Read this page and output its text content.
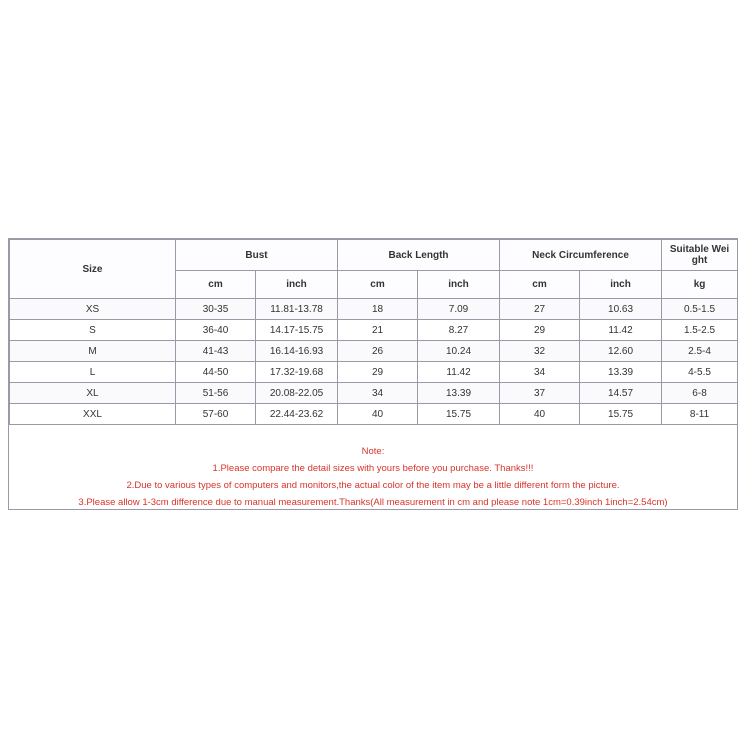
Size	Bust		Back Length		Neck Circumference		Suitable Wei ght
	cm	inch	cm	inch	cm	inch	kg
XS	30-35	11.81-13.78	18	7.09	27	10.63	0.5-1.5
S	36-40	14.17-15.75	21	8.27	29	11.42	1.5-2.5
M	41-43	16.14-16.93	26	10.24	32	12.60	2.5-4
L	44-50	17.32-19.68	29	11.42	34	13.39	4-5.5
XL	51-56	20.08-22.05	34	13.39	37	14.57	6-8
XXL	57-60	22.44-23.62	40	15.75	40	15.75	8-11
Note:
1.Please compare the detail sizes with yours before you purchase. Thanks!!!
2.Due to various types of computers and monitors,the actual color of the item may be a little different form the picture.
3.Please allow 1-3cm difference due to manual measurement.Thanks(All measurement in cm and please note 1cm=0.39inch 1inch=2.54cm)
